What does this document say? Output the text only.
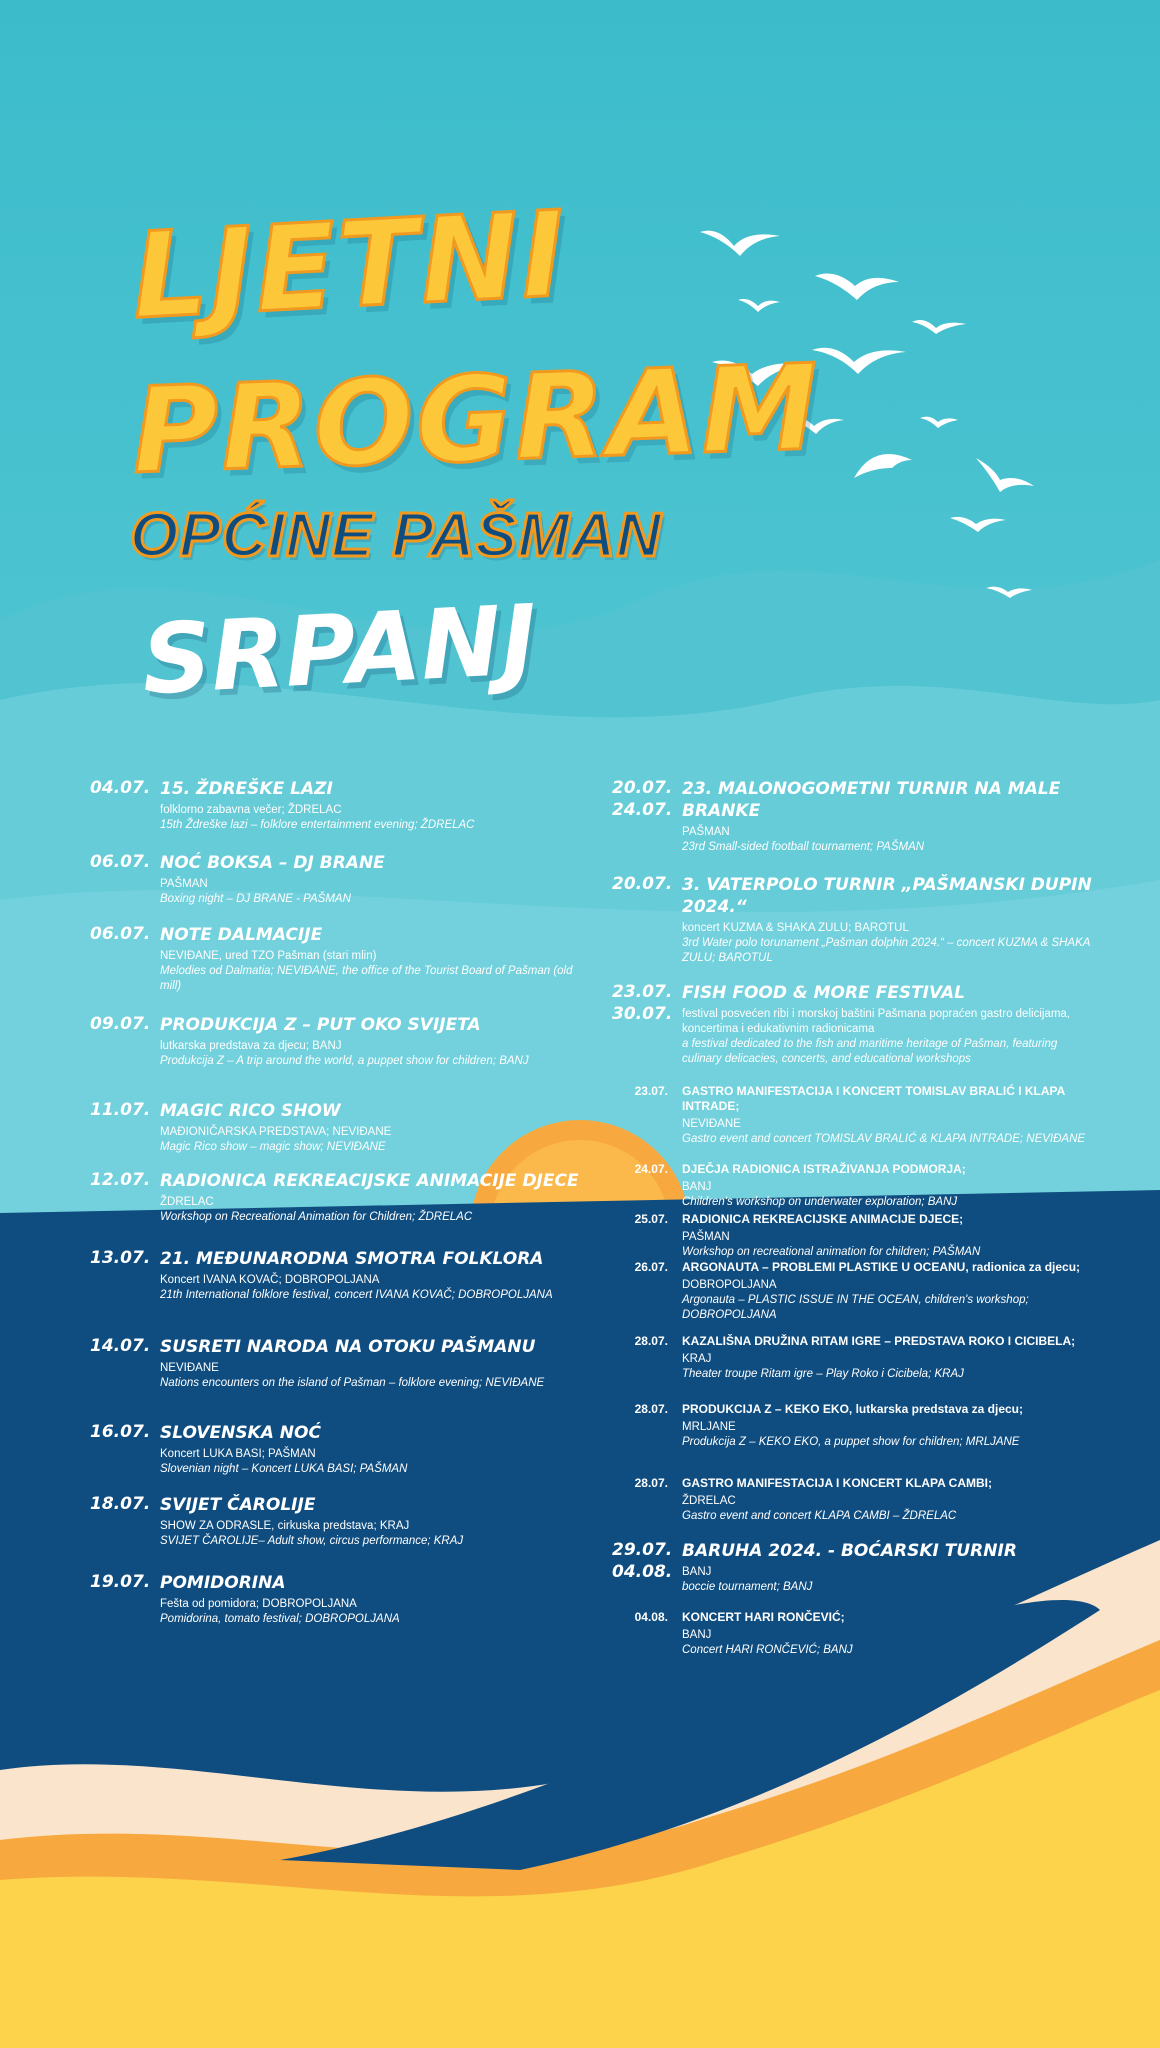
LJETNI
PROGRAM
OPĆINE PAŠMAN
SRPANJ
04.07. 15. ŽDREŠKE LAZI
folklorno zabavna večer; ŽDRELAC
15th Ždreške lazi – folklore entertainment evening; ŽDRELAC
06.07. NOĆ BOKSA – DJ BRANE
PAŠMAN
Boxing night – DJ BRANE - PAŠMAN
06.07. NOTE DALMACIJE
NEVIĐANE, ured TZO Pašman (stari mlin)
Melodies od Dalmatia; NEVIĐANE, the office of the Tourist Board of Pašman (old mill)
09.07. PRODUKCIJA Z – PUT OKO SVIJETA
lutkarska predstava za djecu; BANJ
Produkcija Z – A trip around the world, a puppet show for children; BANJ
11.07. MAGIC RICO SHOW
MAĐIONIČARSKA PREDSTAVA; NEVIĐANE
Magic Rico show – magic show; NEVIĐANE
12.07. RADIONICA REKREACIJSKE ANIMACIJE DJECE
ŽDRELAC
Workshop on Recreational Animation for Children; ŽDRELAC
13.07. 21. MEĐUNARODNA SMOTRA FOLKLORA
Koncert IVANA KOVAČ; DOBROPOLJANA
21th International folklore festival, concert IVANA KOVAČ; DOBROPOLJANA
14.07. SUSRETI NARODA NA OTOKU PAŠMANU
NEVIĐANE
Nations encounters on the island of Pašman – folklore evening; NEVIĐANE
16.07. SLOVENSKA NOĆ
Koncert LUKA BASI; PAŠMAN
Slovenian night – Koncert LUKA BASI; PAŠMAN
18.07. SVIJET ČAROLIJE
SHOW ZA ODRASLE, cirkuska predstava; KRAJ
SVIJET ČAROLIJE– Adult show, circus performance; KRAJ
19.07. POMIDORINA
Fešta od pomidora; DOBROPOLJANA
Pomidorina, tomato festival; DOBROPOLJANA
20.07.
24.07.
23. MALONOGOMETNI TURNIR NA MALE BRANKE
PAŠMAN
23rd Small-sided football tournament; PAŠMAN
20.07. 3. VATERPOLO TURNIR „PAŠMANSKI DUPIN 2024.“
koncert KUZMA & SHAKA ZULU; BAROTUL
3rd Water polo torunament „Pašman dolphin 2024.“ – concert KUZMA & SHAKA ZULU; BAROTUL
23.07.
30.07.
FISH FOOD & MORE FESTIVAL
festival posvećen ribi i morskoj baštini Pašmana popraćen gastro delicijama, koncertima i edukativnim radionicama
a festival dedicated to the fish and maritime heritage of Pašman, featuring culinary delicacies, concerts, and educational workshops
23.07. GASTRO MANIFESTACIJA I KONCERT TOMISLAV BRALIĆ I KLAPA INTRADE;
NEVIĐANE
Gastro event and concert TOMISLAV BRALIĆ & KLAPA INTRADE; NEVIĐANE
24.07. DJEČJA RADIONICA ISTRAŽIVANJA PODMORJA;
BANJ
Children's workshop on underwater exploration; BANJ
25.07. RADIONICA REKREACIJSKE ANIMACIJE DJECE;
PAŠMAN
Workshop on recreational animation for children; PAŠMAN
26.07. ARGONAUTA – PROBLEMI PLASTIKE U OCEANU, radionica za djecu;
DOBROPOLJANA
Argonauta – PLASTIC ISSUE IN THE OCEAN, children's workshop; DOBROPOLJANA
28.07. KAZALIŠNA DRUŽINA RITAM IGRE – PREDSTAVA ROKO I CICIBELA;
KRAJ
Theater troupe Ritam igre – Play Roko i Cicibela; KRAJ
28.07. PRODUKCIJA Z – KEKO EKO, lutkarska predstava za djecu;
MRLJANE
Produkcija Z – KEKO EKO, a puppet show for children; MRLJANE
28.07. GASTRO MANIFESTACIJA I KONCERT KLAPA CAMBI;
ŽDRELAC
Gastro event and concert KLAPA CAMBI – ŽDRELAC
29.07.
04.08.
BARUHA 2024. - BOĆARSKI TURNIR
BANJ
boccie tournament; BANJ
04.08. KONCERT HARI RONČEVIĆ;
BANJ
Concert HARI RONČEVIĆ; BANJ
